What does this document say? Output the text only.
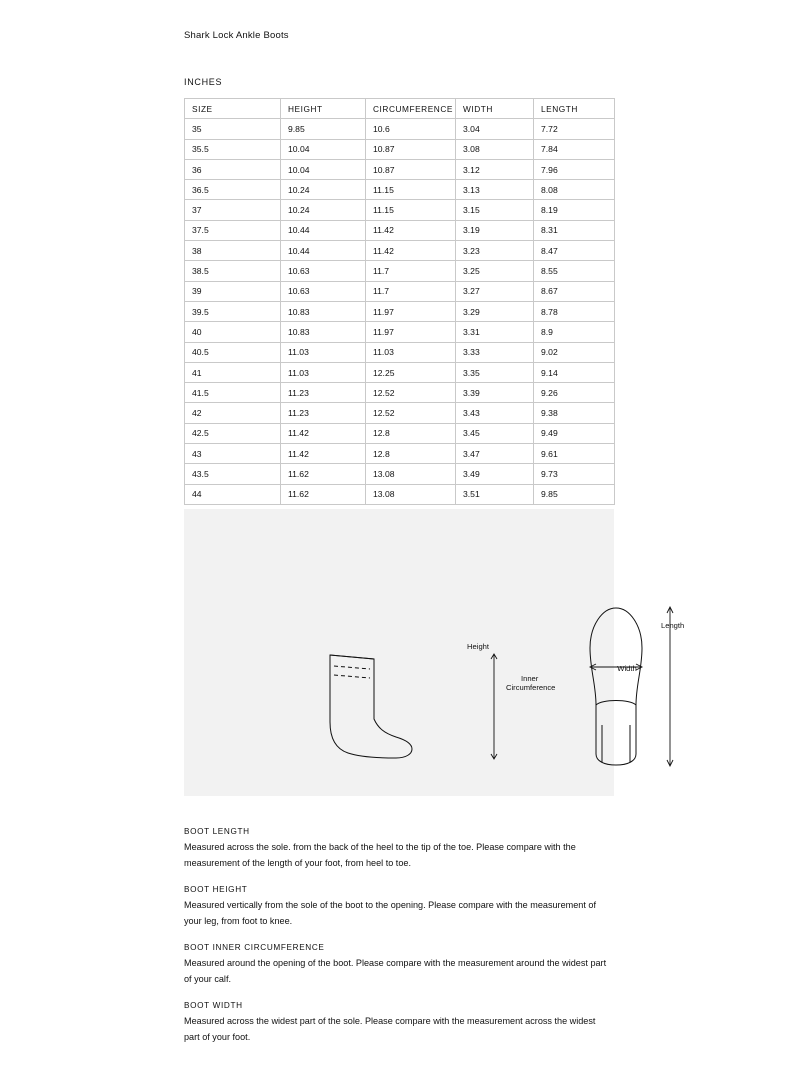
Shark Lock Ankle Boots
INCHES
SIZE	HEIGHT	CIRCUMFERENCE	WIDTH	LENGTH
35	9.85	10.6	3.04	7.72
35.5	10.04	10.87	3.08	7.84
36	10.04	10.87	3.12	7.96
36.5	10.24	11.15	3.13	8.08
37	10.24	11.15	3.15	8.19
37.5	10.44	11.42	3.19	8.31
38	10.44	11.42	3.23	8.47
38.5	10.63	11.7	3.25	8.55
39	10.63	11.7	3.27	8.67
39.5	10.83	11.97	3.29	8.78
40	10.83	11.97	3.31	8.9
40.5	11.03	11.03	3.33	9.02
41	11.03	12.25	3.35	9.14
41.5	11.23	12.52	3.39	9.26
42	11.23	12.52	3.43	9.38
42.5	11.42	12.8	3.45	9.49
43	11.42	12.8	3.47	9.61
43.5	11.62	13.08	3.49	9.73
44	11.62	13.08	3.51	9.85
Height
Inner
Circumference
Length
Width
BOOT LENGTH
Measured across the sole. from the back of the heel to the tip of the toe. Please compare with the measurement of the length of your foot, from heel to toe.
BOOT HEIGHT
Measured vertically from the sole of the boot to the opening. Please compare with the measurement of your leg, from foot to knee.
BOOT INNER CIRCUMFERENCE
Measured around the opening of the boot. Please compare with the measurement around the widest part of your calf.
BOOT WIDTH
Measured across the widest part of the sole. Please compare with the measurement across the widest part of your foot.
